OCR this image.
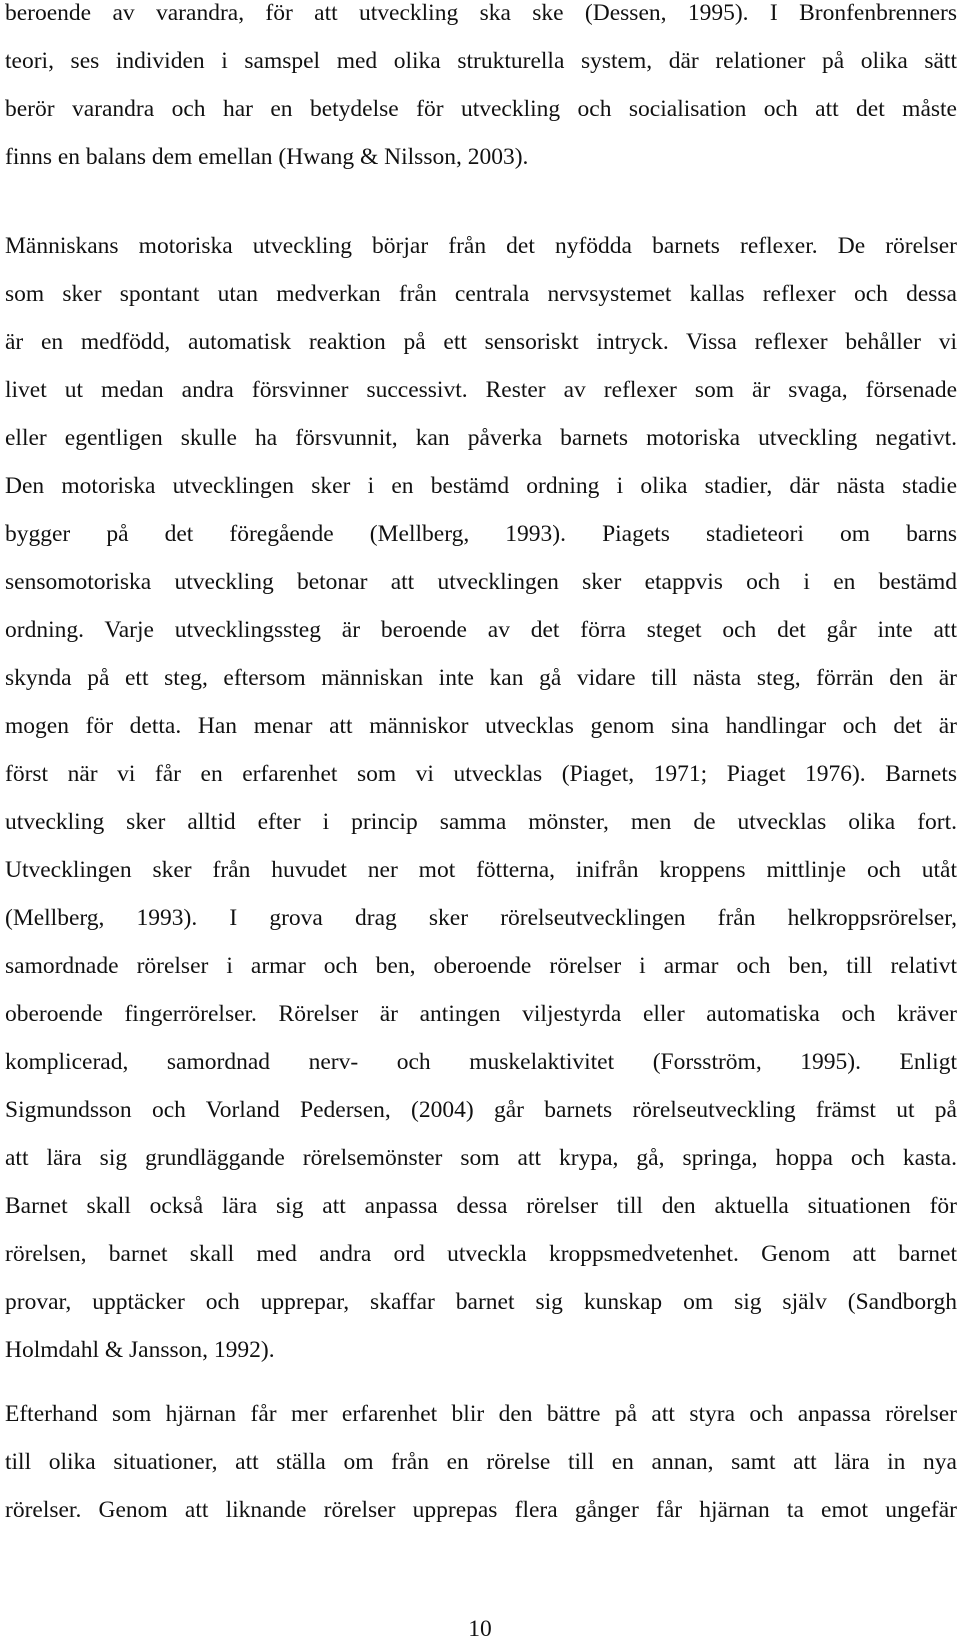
beroende av varandra, för att utveckling ska ske (Dessen, 1995). I Bronfenbrenners
teori, ses individen i samspel med olika strukturella system, där relationer på olika sätt
berör varandra och har en betydelse för utveckling och socialisation och att det måste
finns en balans dem emellan (Hwang & Nilsson, 2003).
Människans motoriska utveckling börjar från det nyfödda barnets reflexer. De rörelser
som sker spontant utan medverkan från centrala nervsystemet kallas reflexer och dessa
är en medfödd, automatisk reaktion på ett sensoriskt intryck. Vissa reflexer behåller vi
livet ut medan andra försvinner successivt. Rester av reflexer som är svaga, försenade
eller egentligen skulle ha försvunnit, kan påverka barnets motoriska utveckling negativt.
Den motoriska utvecklingen sker i en bestämd ordning i olika stadier, där nästa stadie
bygger på det föregående (Mellberg, 1993). Piagets stadieteori om barns
sensomotoriska utveckling betonar att utvecklingen sker etappvis och i en bestämd
ordning. Varje utvecklingssteg är beroende av det förra steget och det går inte att
skynda på ett steg, eftersom människan inte kan gå vidare till nästa steg, förrän den är
mogen för detta. Han menar att människor utvecklas genom sina handlingar och det är
först när vi får en erfarenhet som vi utvecklas (Piaget, 1971; Piaget 1976). Barnets
utveckling sker alltid efter i princip samma mönster, men de utvecklas olika fort.
Utvecklingen sker från huvudet ner mot fötterna, inifrån kroppens mittlinje och utåt
(Mellberg, 1993). I grova drag sker rörelseutvecklingen från helkroppsrörelser,
samordnade rörelser i armar och ben, oberoende rörelser i armar och ben, till relativt
oberoende fingerrörelser. Rörelser är antingen viljestyrda eller automatiska och kräver
komplicerad, samordnad nerv- och muskelaktivitet (Forsström, 1995). Enligt
Sigmundsson och Vorland Pedersen, (2004) går barnets rörelseutveckling främst ut på
att lära sig grundläggande rörelsemönster som att krypa, gå, springa, hoppa och kasta.
Barnet skall också lära sig att anpassa dessa rörelser till den aktuella situationen för
rörelsen, barnet skall med andra ord utveckla kroppsmedvetenhet. Genom att barnet
provar, upptäcker och upprepar, skaffar barnet sig kunskap om sig själv (Sandborgh
Holmdahl & Jansson, 1992).
Efterhand som hjärnan får mer erfarenhet blir den bättre på att styra och anpassa rörelser
till olika situationer, att ställa om från en rörelse till en annan, samt att lära in nya
rörelser. Genom att liknande rörelser upprepas flera gånger får hjärnan ta emot ungefär
10
